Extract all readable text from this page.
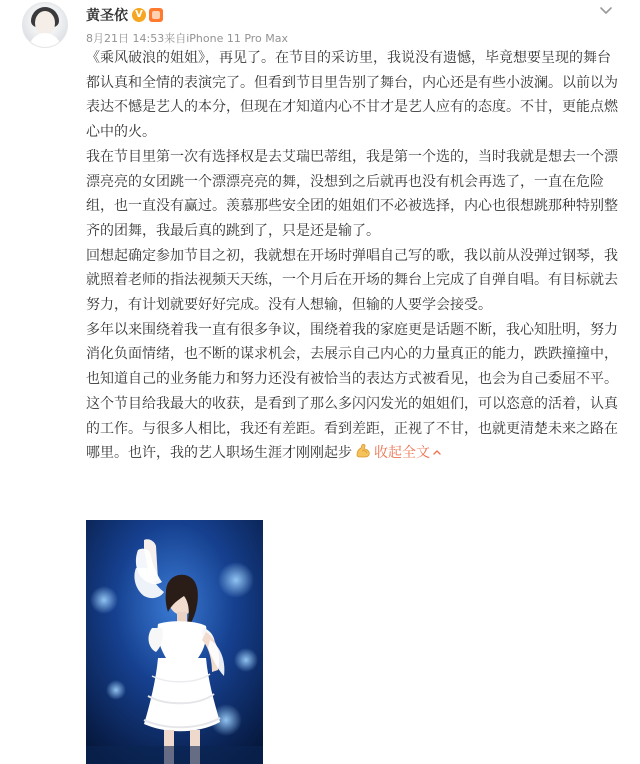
黄圣依 V
8月21日 14:53来自iPhone 11 Pro Max

《乘风破浪的姐姐》，再见了。在节目的采访里，我说没有遗憾，毕竟想要呈现的舞台都认真和全情的表演完了。但看到节目里告别了舞台，内心还是有些小波澜。以前以为表达不憾是艺人的本分，但现在才知道内心不甘才是艺人应有的态度。不甘，更能点燃心中的火。

我在节目里第一次有选择权是去艾瑞巴蒂组，我是第一个选的，当时我就是想去一个漂漂亮亮的女团跳一个漂漂亮亮的舞，没想到之后就再也没有机会再选了，一直在危险组，也一直没有赢过。羡慕那些安全团的姐姐们不必被选择，内心也很想跳那种特别整齐的团舞，我最后真的跳到了，只是还是输了。

回想起确定参加节目之初，我就想在开场时弹唱自己写的歌，我以前从没弹过钢琴，我就照着老师的指法视频天天练，一个月后在开场的舞台上完成了自弹自唱。有目标就去努力，有计划就要好好完成。没有人想输，但输的人要学会接受。

多年以来围绕着我一直有很多争议，围绕着我的家庭更是话题不断，我心知肚明，努力消化负面情绪，也不断的谋求机会，去展示自己内心的力量真正的能力，跌跌撞撞中，也知道自己的业务能力和努力还没有被恰当的表达方式被看见，也会为自己委屈不平。

这个节目给我最大的收获，是看到了那么多闪闪发光的姐姐们，可以恣意的活着，认真的工作。与很多人相比，我还有差距。看到差距，正视了不甘，也就更清楚未来之路在哪里。也许，我的艺人职场生涯才刚刚起步 收起全文
